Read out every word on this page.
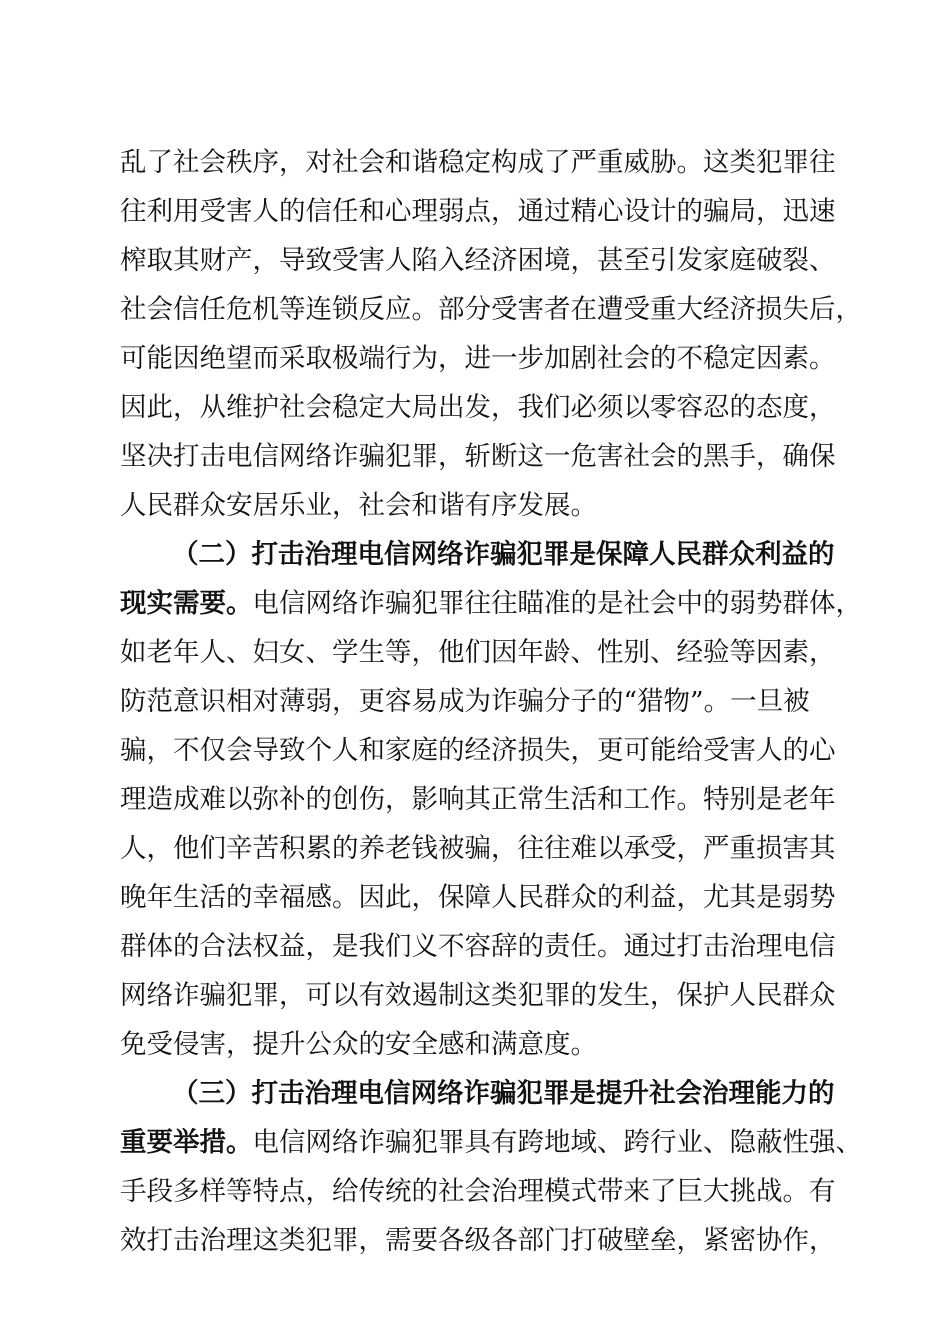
乱了社会秩序，对社会和谐稳定构成了严重威胁。这类犯罪往
往利用受害人的信任和心理弱点，通过精心设计的骗局，迅速
榨取其财产，导致受害人陷入经济困境，甚至引发家庭破裂、
社会信任危机等连锁反应。部分受害者在遭受重大经济损失后，
可能因绝望而采取极端行为，进一步加剧社会的不稳定因素。
因此，从维护社会稳定大局出发，我们必须以零容忍的态度，
坚决打击电信网络诈骗犯罪，斩断这一危害社会的黑手，确保
人民群众安居乐业，社会和谐有序发展。
（二）打击治理电信网络诈骗犯罪是保障人民群众利益的
现实需要。电信网络诈骗犯罪往往瞄准的是社会中的弱势群体，
如老年人、妇女、学生等，他们因年龄、性别、经验等因素，
防范意识相对薄弱，更容易成为诈骗分子的“猎物”。一旦被
骗，不仅会导致个人和家庭的经济损失，更可能给受害人的心
理造成难以弥补的创伤，影响其正常生活和工作。特别是老年
人，他们辛苦积累的养老钱被骗，往往难以承受，严重损害其
晚年生活的幸福感。因此，保障人民群众的利益，尤其是弱势
群体的合法权益，是我们义不容辞的责任。通过打击治理电信
网络诈骗犯罪，可以有效遏制这类犯罪的发生，保护人民群众
免受侵害，提升公众的安全感和满意度。
（三）打击治理电信网络诈骗犯罪是提升社会治理能力的
重要举措。电信网络诈骗犯罪具有跨地域、跨行业、隐蔽性强、
手段多样等特点，给传统的社会治理模式带来了巨大挑战。有
效打击治理这类犯罪，需要各级各部门打破壁垒，紧密协作，
